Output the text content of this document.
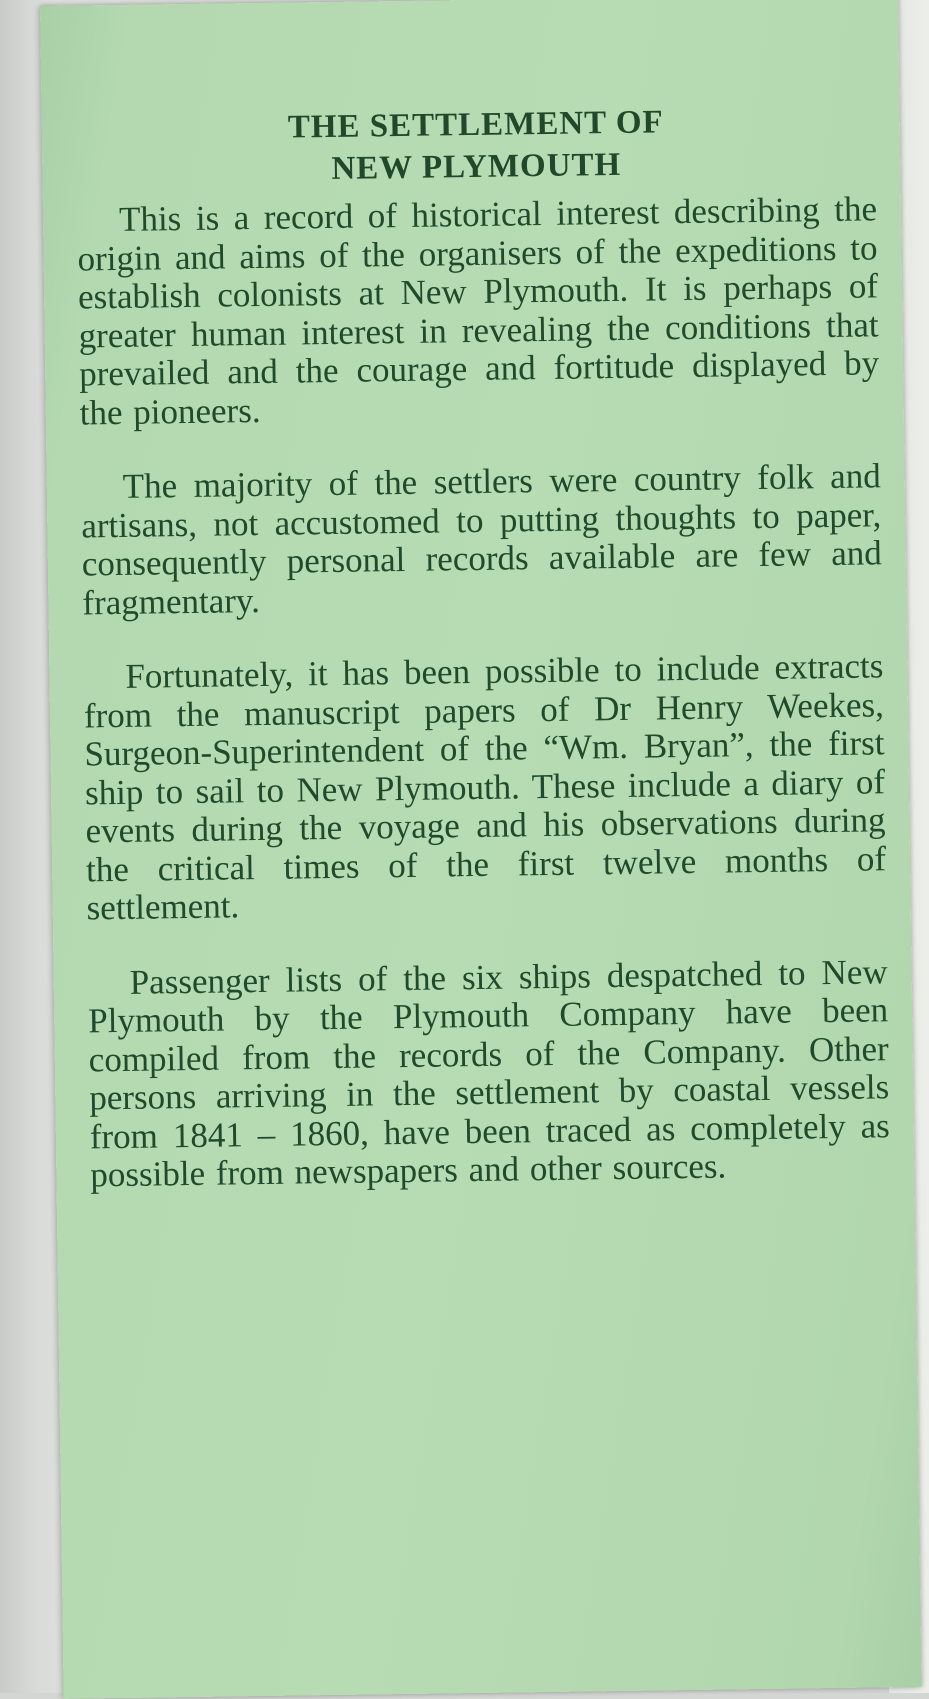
THE SETTLEMENT OF
NEW PLYMOUTH

This is a record of historical interest describing the origin and aims of the organisers of the expeditions to establish colonists at New Plymouth. It is perhaps of greater human interest in revealing the conditions that prevailed and the courage and fortitude displayed by the pioneers.

The majority of the settlers were country folk and artisans, not accustomed to putting thoughts to paper, consequently personal records available are few and fragmentary.

Fortunately, it has been possible to include extracts from the manuscript papers of Dr Henry Weekes, Surgeon-Superintendent of the “Wm. Bryan”, the first ship to sail to New Plymouth. These include a diary of events during the voyage and his observations during the critical times of the first twelve months of settlement.

Passenger lists of the six ships despatched to New Plymouth by the Plymouth Company have been compiled from the records of the Company. Other persons arriving in the settlement by coastal vessels from 1841 – 1860, have been traced as completely as possible from newspapers and other sources.
